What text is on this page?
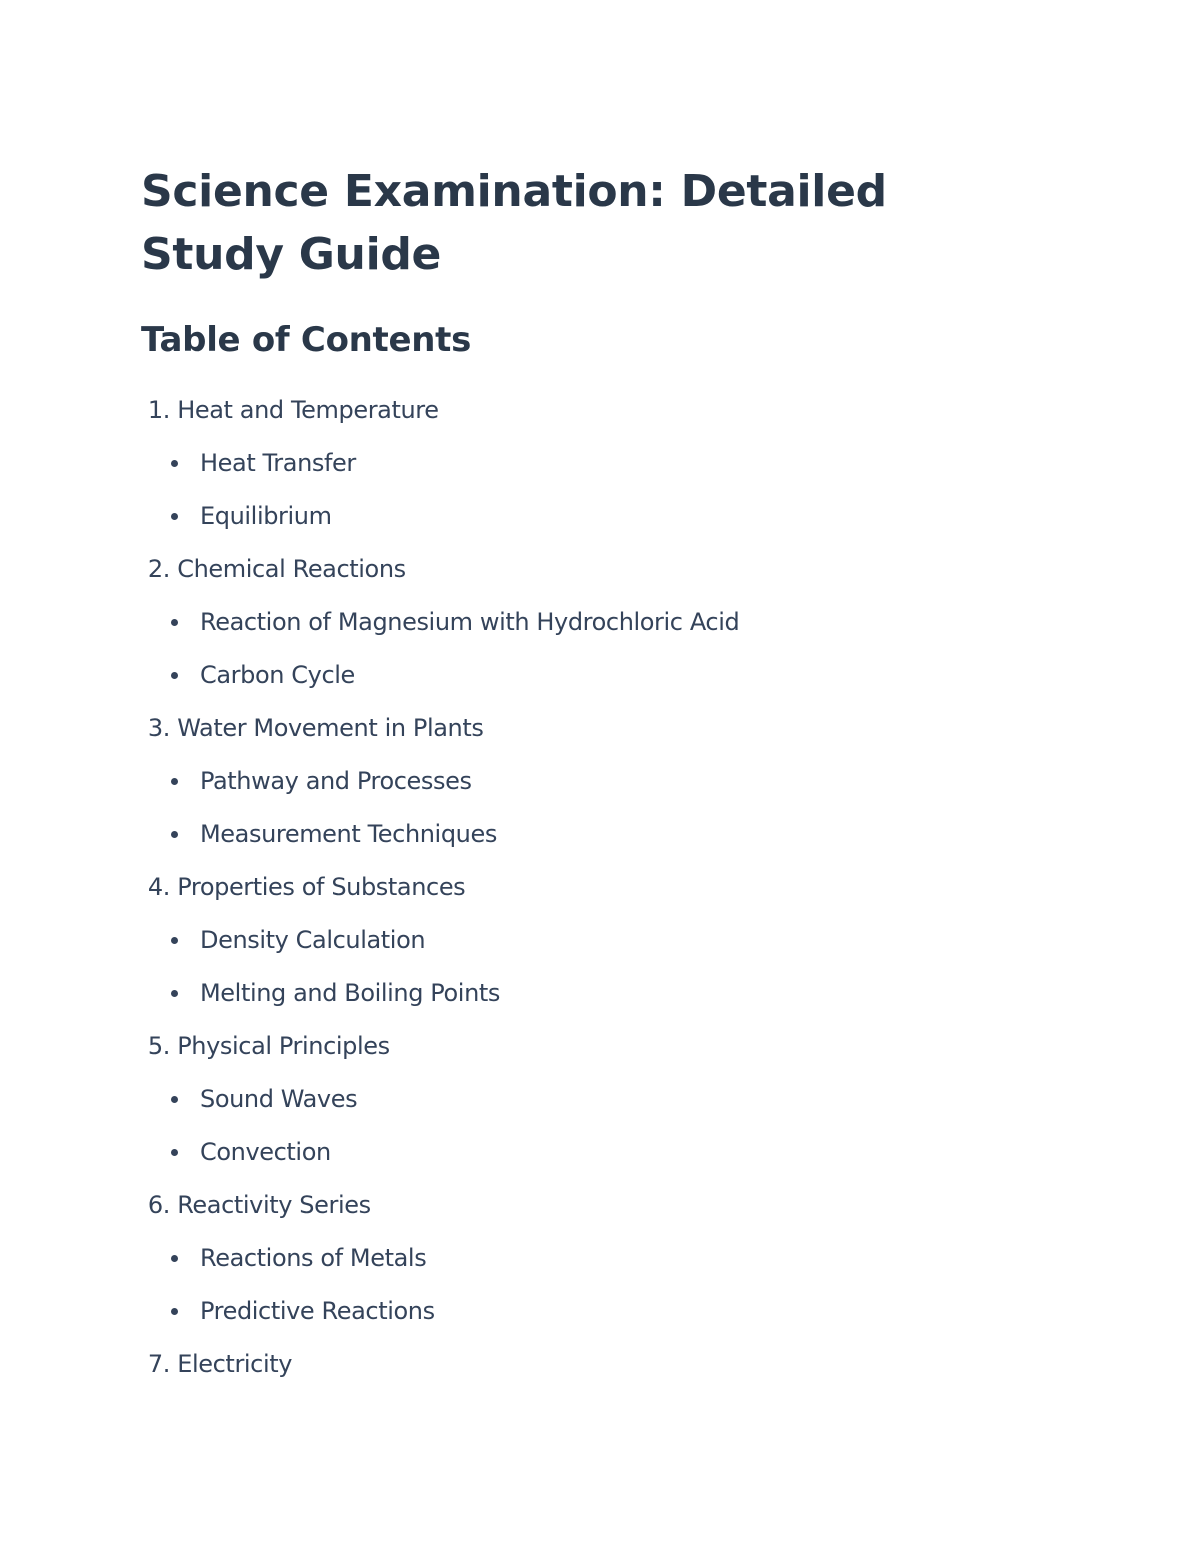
Science Examination: Detailed Study Guide
Table of Contents
1. Heat and Temperature
Heat Transfer
Equilibrium
2. Chemical Reactions
Reaction of Magnesium with Hydrochloric Acid
Carbon Cycle
3. Water Movement in Plants
Pathway and Processes
Measurement Techniques
4. Properties of Substances
Density Calculation
Melting and Boiling Points
5. Physical Principles
Sound Waves
Convection
6. Reactivity Series
Reactions of Metals
Predictive Reactions
7. Electricity
